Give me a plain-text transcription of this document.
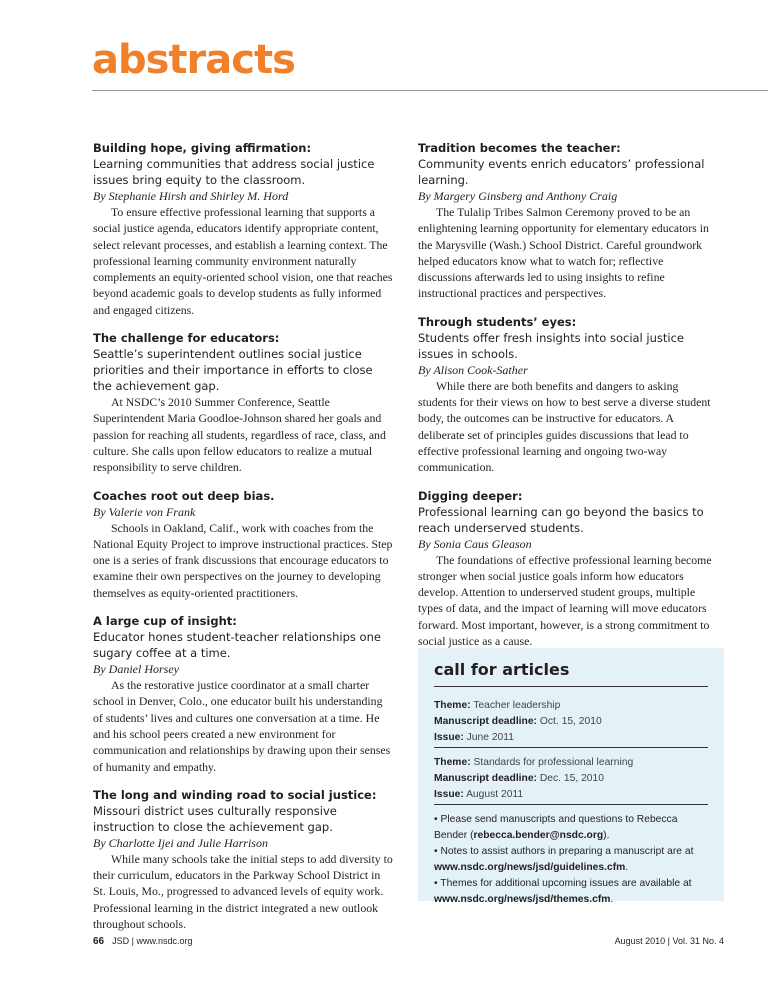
abstracts
Building hope, giving affirmation:
Learning communities that address social justice issues bring equity to the classroom.
By Stephanie Hirsh and Shirley M. Hord
To ensure effective professional learning that supports a social justice agenda, educators identify appropriate content, select relevant processes, and establish a learning context. The professional learning community environment naturally complements an equity-oriented school vision, one that reaches beyond academic goals to develop students as fully informed and engaged citizens.
The challenge for educators:
Seattle’s superintendent outlines social justice priorities and their importance in efforts to close the achievement gap.
At NSDC’s 2010 Summer Conference, Seattle Superintendent Maria Goodloe-Johnson shared her goals and passion for reaching all students, regardless of race, class, and culture. She calls upon fellow educators to realize a mutual responsibility to serve children.
Coaches root out deep bias.
By Valerie von Frank
Schools in Oakland, Calif., work with coaches from the National Equity Project to improve instructional practices. Step one is a series of frank discussions that encourage educators to examine their own perspectives on the journey to developing themselves as equity-oriented practitioners.
A large cup of insight:
Educator hones student-teacher relationships one sugary coffee at a time.
By Daniel Horsey
As the restorative justice coordinator at a small charter school in Denver, Colo., one educator built his understanding of students’ lives and cultures one conversation at a time. He and his school peers created a new environment for communication and relationships by drawing upon their senses of humanity and empathy.
The long and winding road to social justice:
Missouri district uses culturally responsive instruction to close the achievement gap.
By Charlotte Ijei and Julie Harrison
While many schools take the initial steps to add diversity to their curriculum, educators in the Parkway School District in St. Louis, Mo., progressed to advanced levels of equity work. Professional learning in the district integrated a new outlook throughout schools.
Tradition becomes the teacher:
Community events enrich educators’ professional learning.
By Margery Ginsberg and Anthony Craig
The Tulalip Tribes Salmon Ceremony proved to be an enlightening learning opportunity for elementary educators in the Marysville (Wash.) School District. Careful groundwork helped educators know what to watch for; reflective discussions afterwards led to using insights to refine instructional practices and perspectives.
Through students’ eyes:
Students offer fresh insights into social justice issues in schools.
By Alison Cook-Sather
While there are both benefits and dangers to asking students for their views on how to best serve a diverse student body, the outcomes can be instructive for educators. A deliberate set of principles guides discussions that lead to effective professional learning and ongoing two-way communication.
Digging deeper:
Professional learning can go beyond the basics to reach underserved students.
By Sonia Caus Gleason
The foundations of effective professional learning become stronger when social justice goals inform how educators develop. Attention to underserved student groups, multiple types of data, and the impact of learning will move educators forward. Most important, however, is a strong commitment to social justice as a cause.
call for articles
Theme: Teacher leadership
Manuscript deadline: Oct. 15, 2010
Issue: June 2011
Theme: Standards for professional learning
Manuscript deadline: Dec. 15, 2010
Issue: August 2011
• Please send manuscripts and questions to Rebecca Bender (rebecca.bender@nsdc.org).
• Notes to assist authors in preparing a manuscript are at www.nsdc.org/news/jsd/guidelines.cfm.
• Themes for additional upcoming issues are available at www.nsdc.org/news/jsd/themes.cfm.
66 JSD | www.nsdc.org	August 2010 | Vol. 31 No. 4
